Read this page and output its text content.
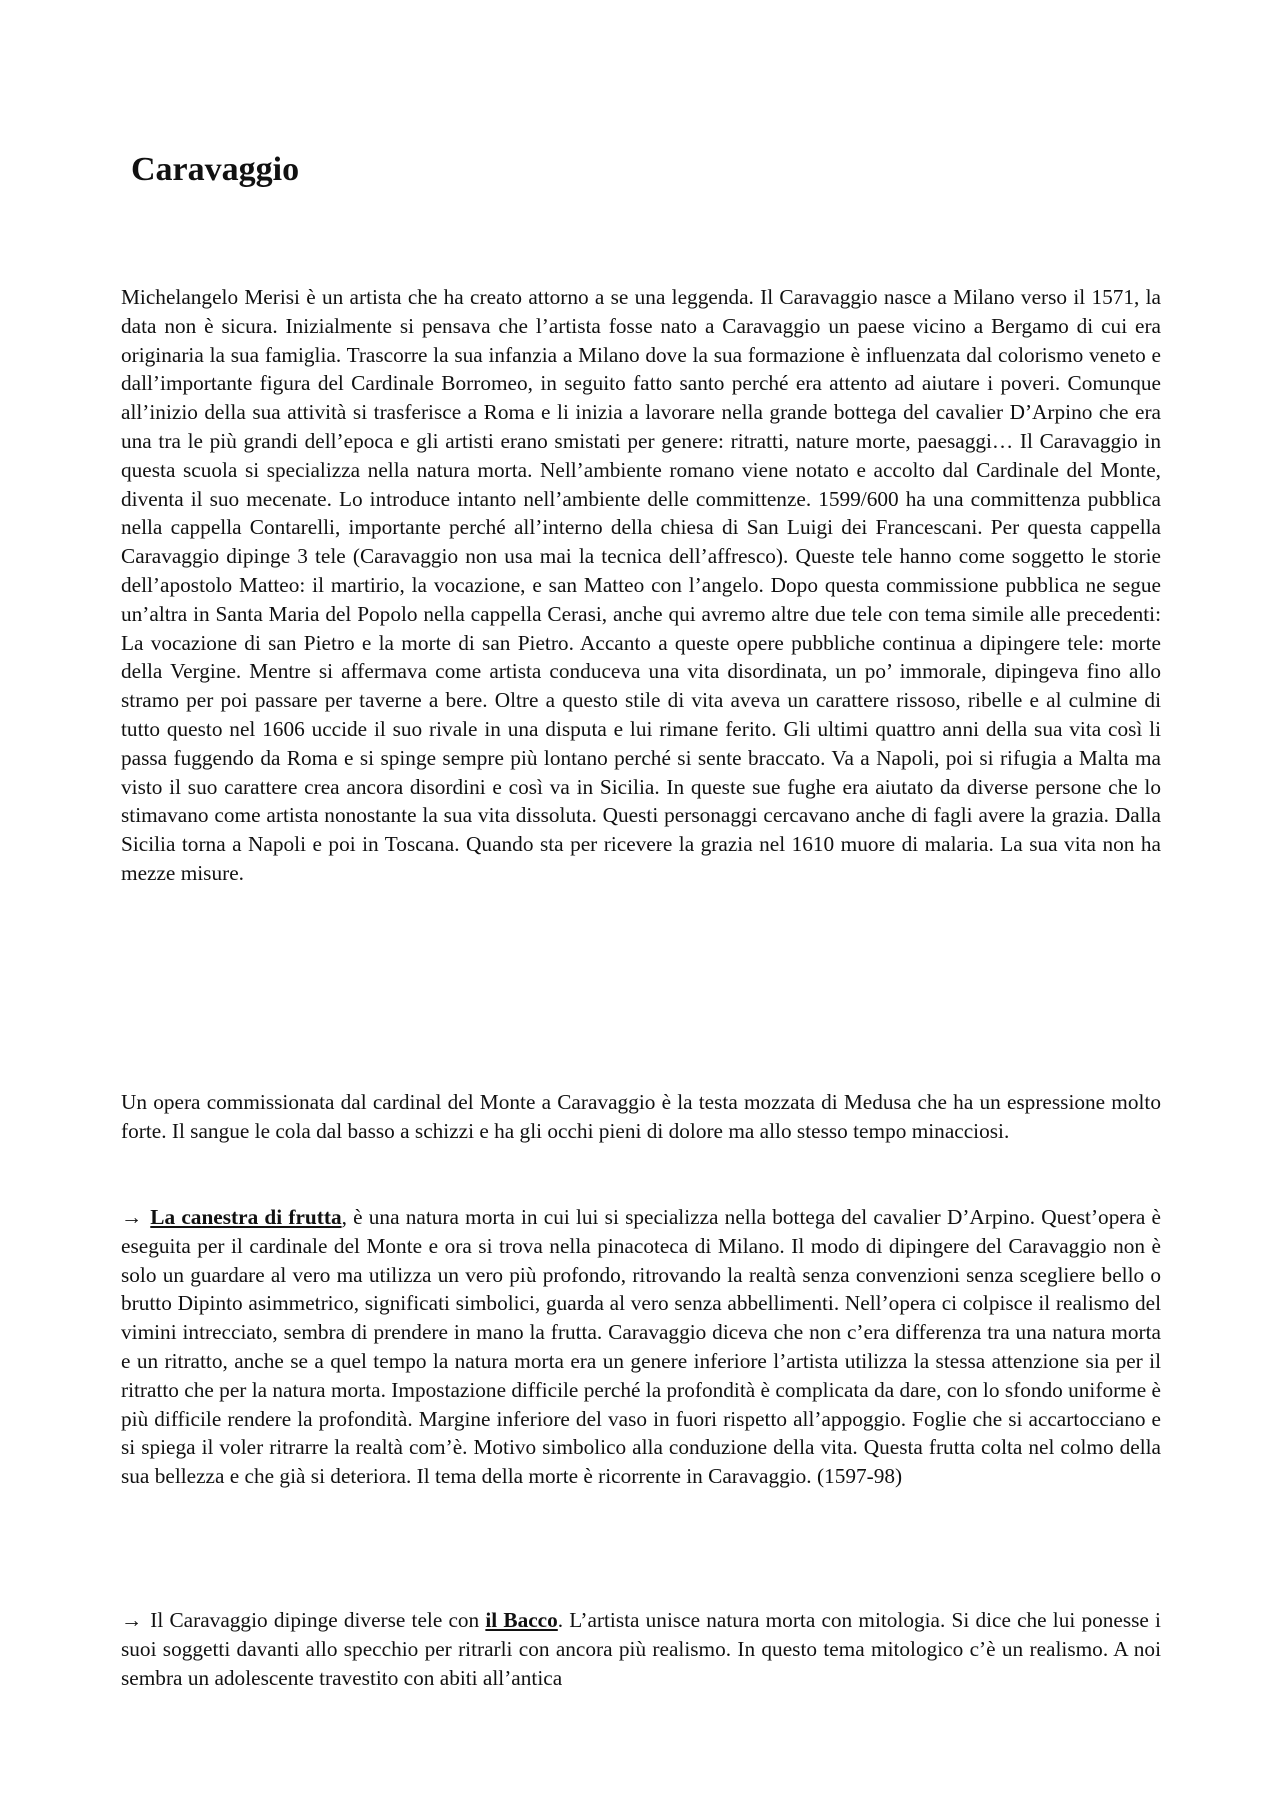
Caravaggio

Michelangelo Merisi è un artista che ha creato attorno a se una leggenda. Il Caravaggio nasce a Milano verso il 1571, la data non è sicura. Inizialmente si pensava che l’artista fosse nato a Caravaggio un paese vicino a Bergamo di cui era originaria la sua famiglia. Trascorre la sua infanzia a Milano dove la sua formazione è influenzata dal colorismo veneto e dall’importante figura del Cardinale Borromeo, in seguito fatto santo perché era attento ad aiutare i poveri. Comunque all’inizio della sua attività si trasferisce a Roma e li inizia a lavorare nella grande bottega del cavalier D’Arpino che era una tra le più grandi dell’epoca e gli artisti erano smistati per genere: ritratti, nature morte, paesaggi… Il Caravaggio in questa scuola si specializza nella natura morta. Nell’ambiente romano viene notato e accolto dal Cardinale del Monte, diventa il suo mecenate. Lo introduce intanto nell’ambiente delle committenze. 1599/600 ha una committenza pubblica nella cappella Contarelli, importante perché all’interno della chiesa di San Luigi dei Francescani. Per questa cappella Caravaggio dipinge 3 tele (Caravaggio non usa mai la tecnica dell’affresco). Queste tele hanno come soggetto le storie dell’apostolo Matteo: il martirio, la vocazione, e san Matteo con l’angelo. Dopo questa commissione pubblica ne segue un’altra in Santa Maria del Popolo nella cappella Cerasi, anche qui avremo altre due tele con tema simile alle precedenti: La vocazione di san Pietro e la morte di san Pietro. Accanto a queste opere pubbliche continua a dipingere tele: morte della Vergine. Mentre si affermava come artista conduceva una vita disordinata, un po’ immorale, dipingeva fino allo stramo per poi passare per taverne a bere. Oltre a questo stile di vita aveva un carattere rissoso, ribelle e al culmine di tutto questo nel 1606 uccide il suo rivale in una disputa e lui rimane ferito. Gli ultimi quattro anni della sua vita così li passa fuggendo da Roma e si spinge sempre più lontano perché si sente braccato. Va a Napoli, poi si rifugia a Malta ma visto il suo carattere crea ancora disordini e così va in Sicilia. In queste sue fughe era aiutato da diverse persone che lo stimavano come artista nonostante la sua vita dissoluta. Questi personaggi cercavano anche di fagli avere la grazia. Dalla Sicilia torna a Napoli e poi in Toscana. Quando sta per ricevere la grazia nel 1610 muore di malaria. La sua vita non ha mezze misure.

Un opera commissionata dal cardinal del Monte a Caravaggio è la testa mozzata di Medusa che ha un espressione molto forte. Il sangue le cola dal basso a schizzi e ha gli occhi pieni di dolore ma allo stesso tempo minacciosi.

→ La canestra di frutta, è una natura morta in cui lui si specializza nella bottega del cavalier D’Arpino. Quest’opera è eseguita per il cardinale del Monte e ora si trova nella pinacoteca di Milano. Il modo di dipingere del Caravaggio non è solo un guardare al vero ma utilizza un vero più profondo, ritrovando la realtà senza convenzioni senza scegliere bello o brutto Dipinto asimmetrico, significati simbolici, guarda al vero senza abbellimenti. Nell’opera ci colpisce il realismo del vimini intrecciato, sembra di prendere in mano la frutta. Caravaggio diceva che non c’era differenza tra una natura morta e un ritratto, anche se a quel tempo la natura morta era un genere inferiore l’artista utilizza la stessa attenzione sia per il ritratto che per la natura morta. Impostazione difficile perché la profondità è complicata da dare, con lo sfondo uniforme è più difficile rendere la profondità. Margine inferiore del vaso in fuori rispetto all’appoggio. Foglie che si accartocciano e si spiega il voler ritrarre la realtà com’è. Motivo simbolico alla conduzione della vita. Questa frutta colta nel colmo della sua bellezza e che già si deteriora. Il tema della morte è ricorrente in Caravaggio. (1597-98)

→ Il Caravaggio dipinge diverse tele con il Bacco. L’artista unisce natura morta con mitologia. Si dice che lui ponesse i suoi soggetti davanti allo specchio per ritrarli con ancora più realismo. In questo tema mitologico c’è un realismo. A noi sembra un adolescente travestito con abiti all’antica
